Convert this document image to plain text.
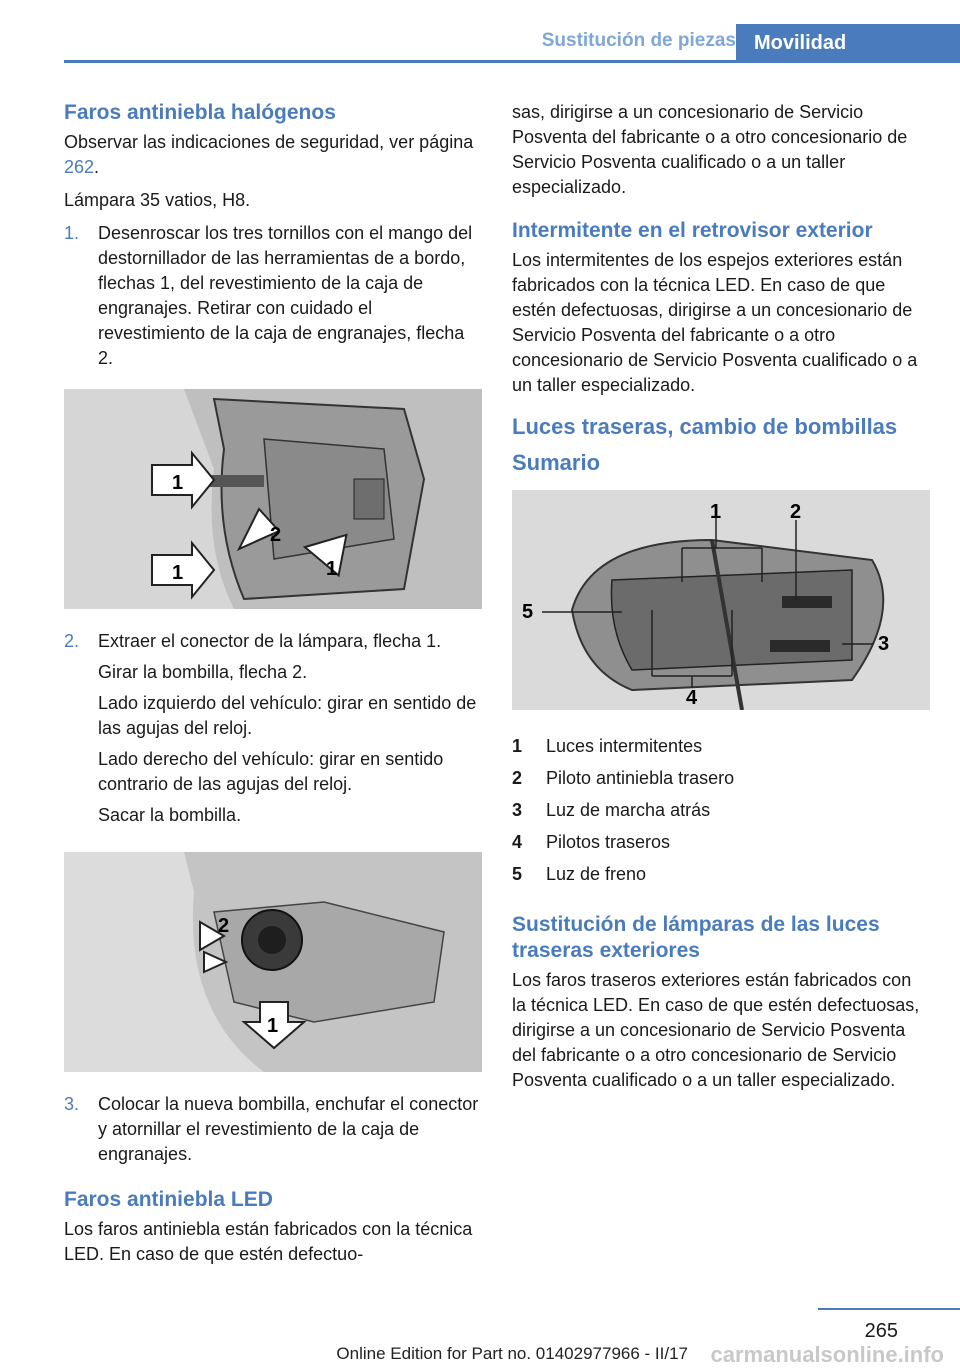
Sustitución de piezas Movilidad
Faros antiniebla halógenos

Observar las indicaciones de seguridad, ver página 262.

Lámpara 35 vatios, H8.

1.	Desenroscar los tres tornillos con el mango del destornillador de las herramientas de a bordo, flechas 1, del revestimiento de la caja de engranajes. Retirar con cuidado el revestimiento de la caja de engranajes, flecha 2.
1
2
1	1
2.	Extraer el conector de la lámpara, flecha 1.

Girar la bombilla, flecha 2.

Lado izquierdo del vehículo: girar en sentido de las agujas del reloj.

Lado derecho del vehículo: girar en sentido contrario de las agujas del reloj.

Sacar la bombilla.

2
1
3.	Colocar la nueva bombilla, enchufar el conector y atornillar el revestimiento de la caja de engranajes.
Faros antiniebla LED

Los faros antiniebla están fabricados con la técnica LED. En caso de que estén defectuo-

sas, dirigirse a un concesionario de Servicio Posventa del fabricante o a otro concesionario de Servicio Posventa cualificado o a un taller especializado.

Intermitente en el retrovisor exterior

Los intermitentes de los espejos exteriores están fabricados con la técnica LED. En caso de que estén defectuosas, dirigirse a un concesionario de Servicio Posventa del fabricante o a otro concesionario de Servicio Posventa cualificado o a un taller especializado.

Luces traseras, cambio de bombillas
Sumario
1	2
3
4
5
1	Luces intermitentes
2	Piloto antiniebla trasero
3	Luz de marcha atrás
4	Pilotos traseros
5	Luz de freno
Sustitución de lámparas de las luces traseras exteriores

Los faros traseros exteriores están fabricados con la técnica LED. En caso de que estén defectuosas, dirigirse a un concesionario de Servicio Posventa del fabricante o a otro concesionario de Servicio Posventa cualificado o a un taller especializado.

265
Online Edition for Part no. 01402977966 - II/17 carmanualsonline.info
